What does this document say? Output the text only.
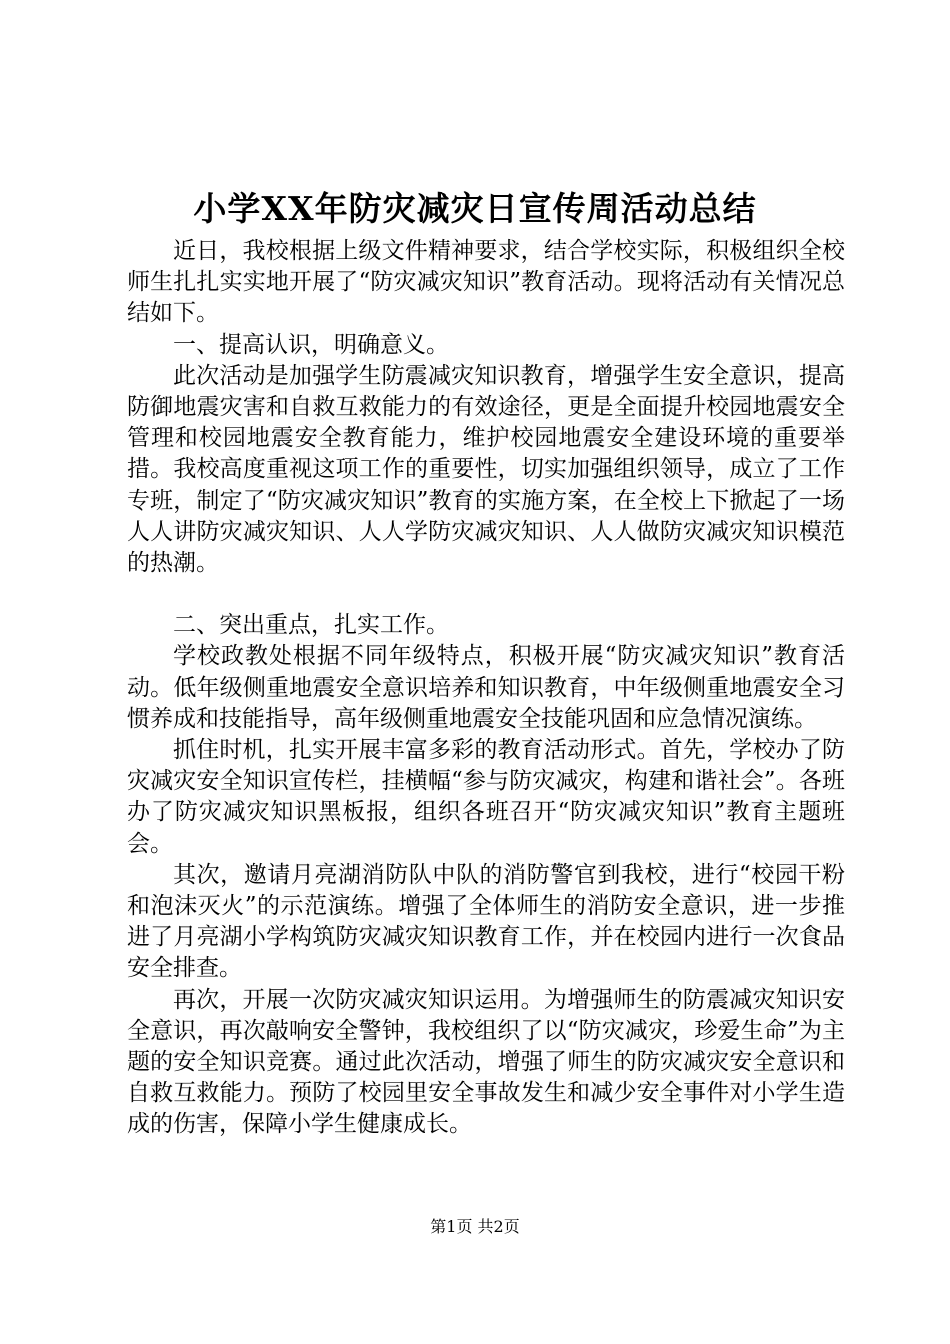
小学XX年防灾减灾日宣传周活动总结

近日，我校根据上级文件精神要求，结合学校实际，积极组织全校师生扎扎实实地开展了“防灾减灾知识”教育活动。现将活动有关情况总结如下。

一、提高认识，明确意义。

此次活动是加强学生防震减灾知识教育，增强学生安全意识，提高防御地震灾害和自救互救能力的有效途径，更是全面提升校园地震安全管理和校园地震安全教育能力，维护校园地震安全建设环境的重要举措。我校高度重视这项工作的重要性，切实加强组织领导，成立了工作专班，制定了“防灾减灾知识”教育的实施方案，在全校上下掀起了一场人人讲防灾减灾知识、人人学防灾减灾知识、人人做防灾减灾知识模范的热潮。

二、突出重点，扎实工作。

学校政教处根据不同年级特点，积极开展“防灾减灾知识”教育活动。低年级侧重地震安全意识培养和知识教育，中年级侧重地震安全习惯养成和技能指导，高年级侧重地震安全技能巩固和应急情况演练。

抓住时机，扎实开展丰富多彩的教育活动形式。首先，学校办了防灾减灾安全知识宣传栏，挂横幅“参与防灾减灾，构建和谐社会”。各班办了防灾减灾知识黑板报，组织各班召开“防灾减灾知识”教育主题班会。

其次，邀请月亮湖消防队中队的消防警官到我校，进行“校园干粉和泡沫灭火”的示范演练。增强了全体师生的消防安全意识，进一步推进了月亮湖小学构筑防灾减灾知识教育工作，并在校园内进行一次食品安全排查。

再次，开展一次防灾减灾知识运用。为增强师生的防震减灾知识安全意识，再次敲响安全警钟，我校组织了以“防灾减灾，珍爱生命”为主题的安全知识竞赛。通过此次活动，增强了师生的防灾减灾安全意识和自救互救能力。预防了校园里安全事故发生和减少安全事件对小学生造成的伤害，保障小学生健康成长。

第1页 共2页
